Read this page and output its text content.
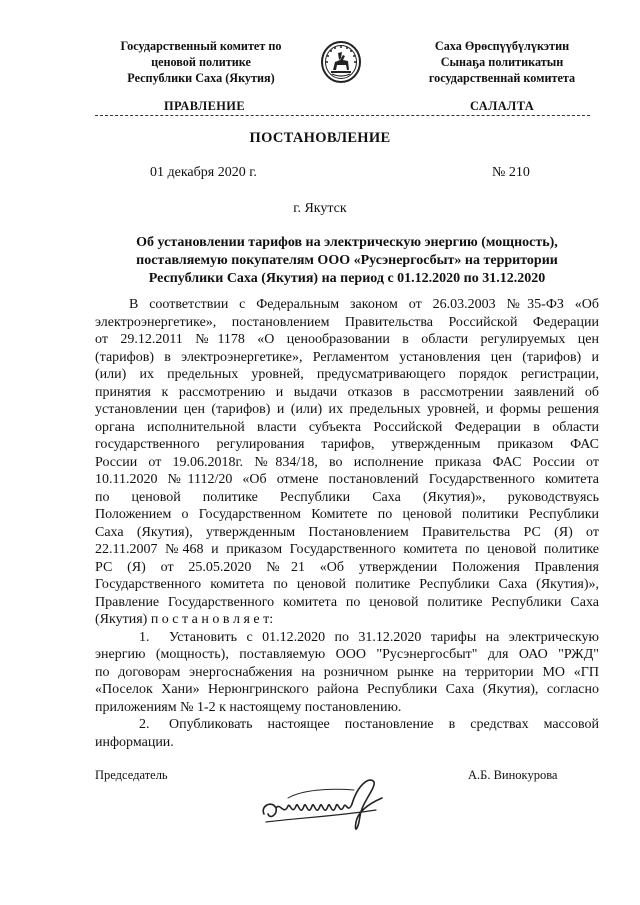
Государственный комитет по
ценовой политике
Республики Саха (Якутия)
Саха Өрөспүүбүлүкэтин
Сынаҕа политикатын
государственнай комитета
ПРАВЛЕНИЕ	САЛАЛТА
ПОСТАНОВЛЕНИЕ
01 декабря 2020 г.	№ 210
г. Якутск
Об установлении тарифов на электрическую энергию (мощность),
поставляемую покупателям ООО «Русэнергосбыт» на территории
Республики Саха (Якутия) на период с 01.12.2020 по 31.12.2020
В соответствии с Федеральным законом от 26.03.2003 №35-ФЗ «Об
электроэнергетике», постановлением Правительства Российской Федерации
от 29.12.2011 №1178 «О ценообразовании в области регулируемых цен
(тарифов) в электроэнергетике», Регламентом установления цен (тарифов) и
(или) их предельных уровней, предусматривающего порядок регистрации,
принятия к рассмотрению и выдачи отказов в рассмотрении заявлений об
установлении цен (тарифов) и (или) их предельных уровней, и формы решения
органа исполнительной власти субъекта Российской Федерации в области
государственного регулирования тарифов, утвержденным приказом ФАС
России от 19.06.2018г. №834/18, во исполнение приказа ФАС России от
10.11.2020 №1112/20 «Об отмене постановлений Государственного комитета
по ценовой политике Республики Саха (Якутия)», руководствуясь
Положением о Государственном Комитете по ценовой политики Республики
Саха (Якутия), утвержденным Постановлением Правительства РС (Я) от
22.11.2007 №468 и приказом Государственного комитета по ценовой политике
РС (Я) от 25.05.2020 №21 «Об утверждении Положения Правления
Государственного комитета по ценовой политике Республики Саха (Якутия)»,
Правление Государственного комитета по ценовой политике Республики Саха
(Якутия) п о с т а н о в л я е т:
1. Установить с 01.12.2020 по 31.12.2020 тарифы на электрическую
энергию (мощность), поставляемую ООО "Русэнергосбыт" для ОАО "РЖД"
по договорам энергоснабжения на розничном рынке на территории МО «ГП
«Поселок Хани» Нерюнгринского района Республики Саха (Якутия), согласно
приложениям № 1-2 к настоящему постановлению.
2. Опубликовать настоящее постановление в средствах массовой
информации.
Председатель	А.Б. Винокурова
